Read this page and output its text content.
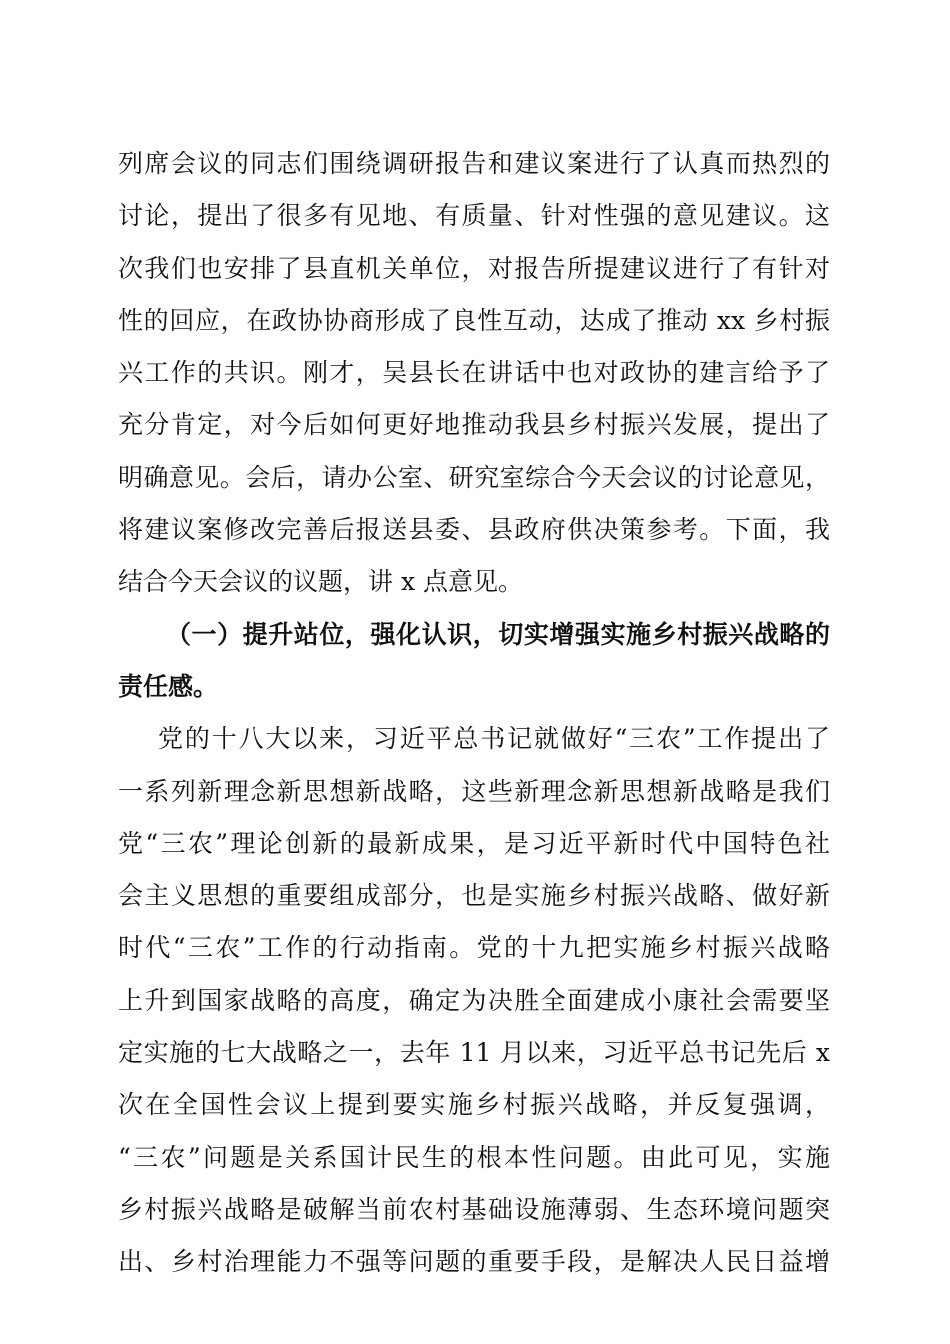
列席会议的同志们围绕调研报告和建议案进行了认真而热烈的
讨论，提出了很多有见地、有质量、针对性强的意见建议。这
次我们也安排了县直机关单位，对报告所提建议进行了有针对
性的回应，在政协协商形成了良性互动，达成了推动 xx 乡村振
兴工作的共识。刚才，吴县长在讲话中也对政协的建言给予了
充分肯定，对今后如何更好地推动我县乡村振兴发展，提出了
明确意见。会后，请办公室、研究室综合今天会议的讨论意见，
将建议案修改完善后报送县委、县政府供决策参考。下面，我
结合今天会议的议题，讲 x 点意见。
（一）提升站位，强化认识，切实增强实施乡村振兴战略的
责任感。
党的十八大以来，习近平总书记就做好“三农”工作提出了
一系列新理念新思想新战略，这些新理念新思想新战略是我们
党“三农”理论创新的最新成果，是习近平新时代中国特色社
会主义思想的重要组成部分，也是实施乡村振兴战略、做好新
时代“三农”工作的行动指南。党的十九把实施乡村振兴战略
上升到国家战略的高度，确定为决胜全面建成小康社会需要坚
定实施的七大战略之一，去年 11 月以来，习近平总书记先后 x
次在全国性会议上提到要实施乡村振兴战略，并反复强调，
“三农”问题是关系国计民生的根本性问题。由此可见，实施
乡村振兴战略是破解当前农村基础设施薄弱、生态环境问题突
出、乡村治理能力不强等问题的重要手段，是解决人民日益增
